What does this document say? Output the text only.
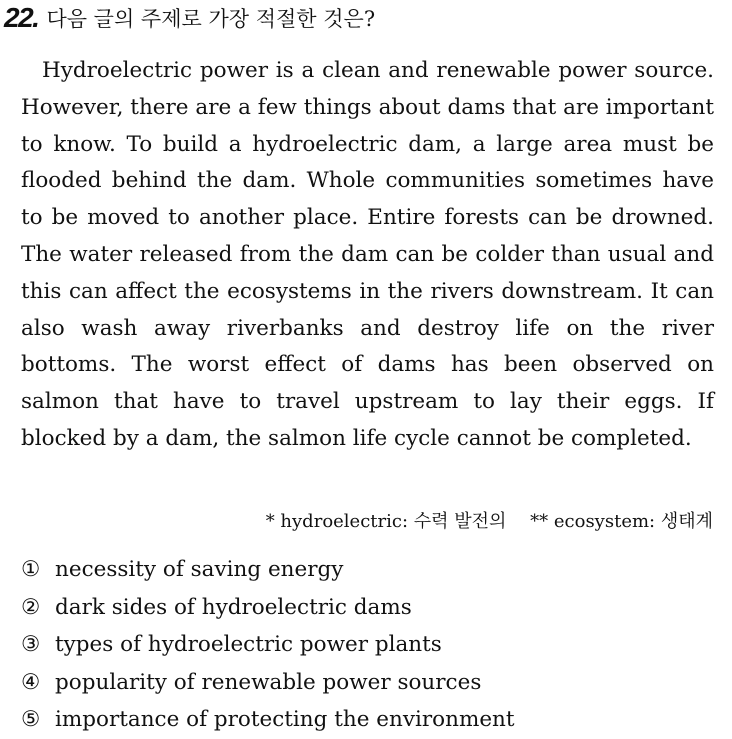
22. 다음 글의 주제로 가장 적절한 것은?

Hydroelectric power is a clean and renewable power source. However, there are a few things about dams that are important to know. To build a hydroelectric dam, a large area must be flooded behind the dam. Whole communities sometimes have to be moved to another place. Entire forests can be drowned. The water released from the dam can be colder than usual and this can affect the ecosystems in the rivers downstream. It can also wash away riverbanks and destroy life on the river bottoms. The worst effect of dams has been observed on salmon that have to travel upstream to lay their eggs. If blocked by a dam, the salmon life cycle cannot be completed.

* hydroelectric: 수력 발전의 ** ecosystem: 생태계
① necessity of saving energy
② dark sides of hydroelectric dams
③ types of hydroelectric power plants
④ popularity of renewable power sources
⑤ importance of protecting the environment
